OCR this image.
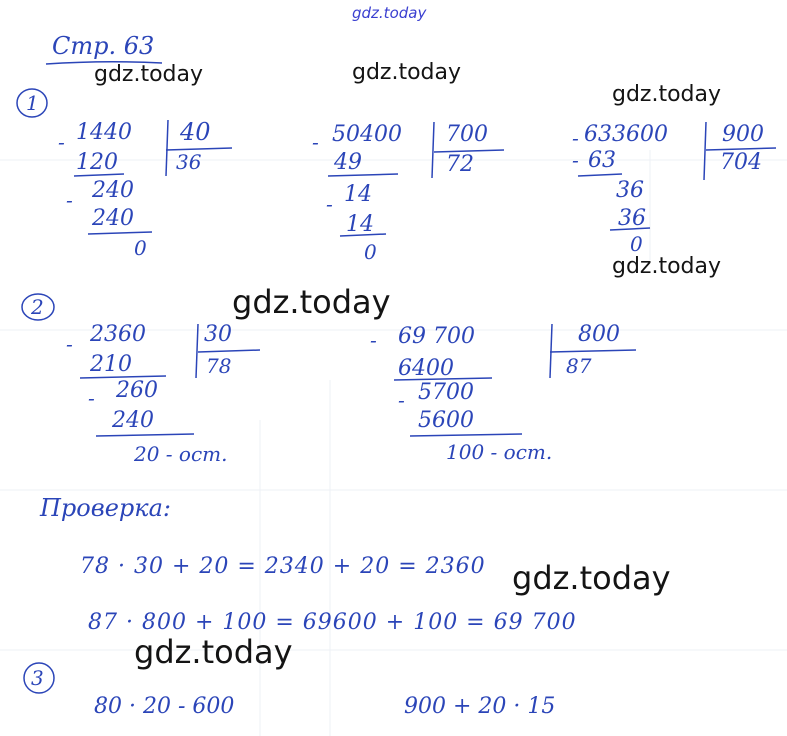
gdz.today
Стр. 63
gdz.today	gdz.today
gdz.today
gdz.today
gdz.today
gdz.today
gdz.today
1
- 1440 40
120	36
- 240
240
0
- 50400 700
49	72
- 14
14
0
- 633600 900
- 63	704
36
36
0
2
- 2360	30
210	78
- 260
240
20 - ост.
- 69 700	800
6400	87
- 5700
5600
100 - ост.
Проверка:
78 · 30 + 20 = 2340 + 20 = 2360
87 · 800 + 100 = 69600 + 100 = 69 700
3
80 · 20 - 600	900 + 20 · 15
